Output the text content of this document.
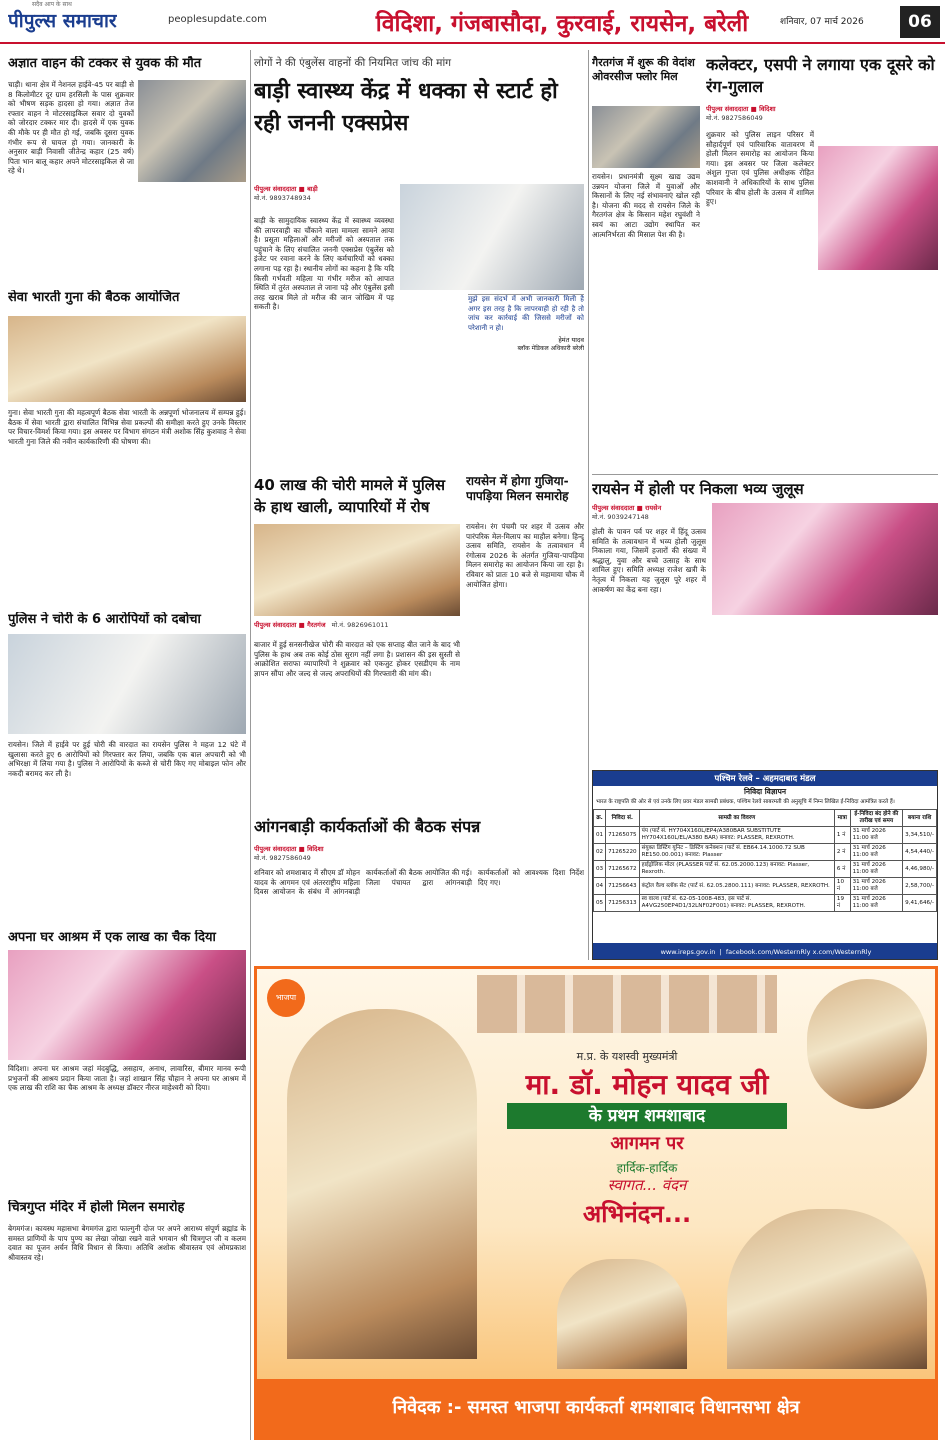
सदैव आप के साथ
पीपुल्स समाचार	peoplesupdate.com	विदिशा, गंजबासौदा, कुरवाई, रायसेन, बरेली	शनिवार, 07 मार्च 2026	06
अज्ञात वाहन की टक्कर से युवक की मौत
चाड़ी। थाना क्षेत्र में नेशनल हाईवे-45 पर बाड़ी से 8 किलोमीटर दूर ग्राम हरसिली के पास शुक्रवार को भीषण सड़क हादसा हो गया। अज्ञात तेज रफ्तार वाहन ने मोटरसाइकिल सवार दो युवकों को जोरदार टक्कर मार दी। हादसे में एक युवक की मौके पर ही मौत हो गई, जबकि दूसरा युवक गंभीर रूप से घायल हो गया। जानकारी के अनुसार बाड़ी निवासी जीतेन्द्र कहार (25 वर्ष) पिता भान बालू कहार अपने मोटरसाइकिल से जा रहे थे।
सेवा भारती गुना की बैठक आयोजित
गुना। सेवा भारती गुना की महत्वपूर्ण बैठक सेवा भारती के अन्नपूर्णा भोजनालय में सम्पन्न हुई। बैठक में सेवा भारती द्वारा संचालित विभिन्न सेवा प्रकल्पों की समीक्षा करते हुए उनके विस्तार पर विचार-विमर्श किया गया। इस अवसर पर विभाग संगठन मंत्री अशोक सिंह कुशवाह ने सेवा भारती गुना जिले की नवीन कार्यकारिणी की घोषणा की।
पुलिस ने चोरी के 6 आरोपियों को दबोचा
रायसेन। जिले में हाईवे पर हुई चोरी की वारदात का रायसेन पुलिस ने महज 12 घंटे में खुलासा करते हुए 6 आरोपियों को गिरफ्तार कर लिया, जबकि एक बाल अपचारी को भी अभिरक्षा में लिया गया है। पुलिस ने आरोपियों के कब्जे से चोरी किए गए मोबाइल फोन और नकदी बरामद कर ली है।
अपना घर आश्रम में एक लाख का चैक दिया
विदिशा। अपना घर आश्रम जहां मंदबुद्धि, असहाय, अनाथ, लावारिस, बीमार मानव रूपी प्रभुजनों की आश्रय प्रदान किया जाता है। जहां शाखान सिंह चौहान ने अपना घर आश्रम में एक लाख की राशि का चैक आश्रम के अध्यक्ष डॉक्टर नीरज माहेश्वरी को दिया।
चित्रगुप्त मंदिर में होली मिलन समारोह
बेगमगंज। कायस्थ महासभा बेगमगंज द्वारा फाल्गुनी दोज पर अपने आराध्य संपूर्ण ब्रह्मांड के समस्त प्राणियों के पाप पुण्य का लेखा जोखा रखने वाले भगवान श्री चित्रगुप्त जी व कलम दवात का पूजन अर्चन विधि विधान से किया। अतिथि अशोक श्रीवास्तव एवं ओमप्रकाश श्रीवास्तव रहे।
लोगों ने की एंबुलेंस वाहनों की नियमित जांच की मांग
बाड़ी स्वास्थ्य केंद्र में धक्का से स्टार्ट हो रही जननी एक्सप्रेस
पीपुल्स संवाददाता ■ बाड़ी
मो.नं. 9893748934
बाड़ी के सामुदायिक स्वास्थ्य केंद्र में स्वास्थ्य व्यवस्था की लापरवाही का चौंकाने वाला मामला सामने आया है। प्रसूता महिलाओं और मरीजों को अस्पताल तक पहुंचाने के लिए संचालित जननी एक्सप्रेस एंबुलेंस को इंजेट पर रवाना करने के लिए कर्मचारियों को धक्का लगाना पड़ रहा है। स्थानीय लोगों का कहना है कि यदि किसी गर्भवती महिला या गंभीर मरीज को आपात स्थिति में तुरंत अस्पताल ले जाना पड़े और एंबुलेंस इसी तरह खराब मिले तो मरीज की जान जोखिम में पड़ सकती है।
मुझे इस संदर्भ में अभी जानकारी मिली है अगर इस तरह है कि लापरवाही हो रही है तो जांच कर कार्रवाई की जिससे मरीजों को परेशानी न हो।
हेमंत यादव
ब्लॉक मेडिकल अधिकारी बरेली
40 लाख की चोरी मामले में पुलिस के हाथ खाली, व्यापारियों में रोष
पीपुल्स संवाददाता ■ गैरतगंज मो.नं. 9826961011
बाजार में हुई सनसनीखेज चोरी की वारदात को एक सप्ताह बीत जाने के बाद भी पुलिस के हाथ अब तक कोई ठोस सुराग नहीं लगा है। प्रशासन की इस सुस्ती से आक्रोशित सराफा व्यापारियों ने शुक्रवार को एकजुट होकर एसडीएम के नाम ज्ञापन सौंपा और जल्द से जल्द अपराधियों की गिरफ्तारी की मांग की।
रायसेन में होगा गुजिया-पापड़िया मिलन समारोह
रायसेन। रंग पंचमी पर शहर में उत्सव और पारंपरिक मेल-मिलाप का माहौल बनेगा। हिन्दू उत्सव समिति, रायसेन के तत्वावधान में रंगोत्सव 2026 के अंतर्गत गुजिया-पापड़िया मिलन समारोह का आयोजन किया जा रहा है। रविवार को प्रातः 10 बजे से महामाया चौक में आयोजित होगा।
आंगनबाड़ी कार्यकर्ताओं की बैठक संपन्न
पीपुल्स संवाददाता ■ विदिशा
मो.नं. 9827586049
शनिवार को शमशाबाद में सीएम डॉ मोहन यादव के आगमन एवं अंतरराष्ट्रीय महिला दिवस आयोजन के संबंध में आंगनबाड़ी कार्यकर्ताओं की बैठक आयोजित की गई। जिला पंचायत द्वारा आंगनबाड़ी कार्यकर्ताओं को आवश्यक दिशा निर्देश दिए गए।
गैरतगंज में शुरू की वेदांश ओवरसीज फ्लोर मिल
रायसेन। प्रधानमंत्री सूक्ष्म खाद्य उद्यम उन्नयन योजना जिले में युवाओं और किसानों के लिए नई संभावनाएं खोल रही है। योजना की मदद से रायसेन जिले के गैरतगंज क्षेत्र के किसान महेश रघुवंशी ने स्वयं का आटा उद्योग स्थापित कर आत्मनिर्भरता की मिसाल पेश की है।
कलेक्टर, एसपी ने लगाया एक दूसरे को रंग-गुलाल
पीपुल्स संवाददाता ■ विदिशा
मो.नं. 9827586049
शुक्रवार को पुलिस लाइन परिसर में सौहार्दपूर्ण एवं पारिवारिक वातावरण में होली मिलन समारोह का आयोजन किया गया। इस अवसर पर जिला कलेक्टर अंशुल गुप्ता एवं पुलिस अधीक्षक रोहित काशवानी ने अधिकारियों के साथ पुलिस परिवार के बीच होली के उत्सव में शामिल हुए।
रायसेन में होली पर निकला भव्य जुलूस
पीपुल्स संवाददाता ■ रायसेन
मो.नं. 9039247148
होली के पावन पर्व पर शहर में हिंदू उत्सव समिति के तत्वावधान में भव्य होली जुलूस निकाला गया, जिसमें हजारों की संख्या में श्रद्धालु, युवा और बच्चे उत्साह के साथ शामिल हुए। समिति अध्यक्ष राजेश खत्री के नेतृत्व में निकला यह जुलूस पूरे शहर में आकर्षण का केंद्र बना रहा।
पश्चिम रेलवे – अहमदाबाद मंडल
निविदा विज्ञापन
भारत के राष्ट्रपति की ओर से एवं उनके लिए प्रवर मंडल सामग्री प्रबंधक, पश्चिम रेलवे साबरमती की अनुसूचि में निम्न लिखित ई-निविदा आमंत्रित करते हैं।
क्र.	निविदा सं.	सामग्री का विवरण	मात्रा	ई-निविदा बंद होने की तारीख एवं समय	बयाना राशि
01	71265075	पंप (पार्ट सं. HY704X160L/EP4/A380BAR SUBSTITUTE HY704X160L/EL/A380 BAR) बनावट: PLASSER, REXROTH.	1 नं	31 मार्च 2026 11:00 बजे	3,34,510/-
02	71265220	संयुक्त डिस्टिंग यूनिट – डिस्टिंग कनेक्शन (पार्ट सं. EB64.14.1000.72 SUB RE150.00.001) बनावट: Plasser	2 नं	31 मार्च 2026 11:00 बजे	4,54,440/-
03	71265672	हाईड्रोलिक मोटर (PLASSER पार्ट सं. 62.05.2000.123) बनावट: Plasser, Rexroth.	6 नं	31 मार्च 2026 11:00 बजे	4,46,980/-
04	71256643	कंट्रोल वैल्व ब्लॉक सेट (पार्ट सं. 62.05.2800.111) बनावट: PLASSER, REXROTH.	10 नं	31 मार्च 2026 11:00 बजे	2,58,700/-
05	71256313	स्व वाल्व (पार्ट सं. 62-05-1008-483, इस पार्ट सं. A4VG250EP4D1/32LNF02F001) बनावट: PLASSER, REXROTH.	19 नं	31 मार्च 2026 11:00 बजे	9,41,646/-
www.ireps.gov.in  |  facebook.com/WesternRly x.com/WesternRly
भाजपा
म.प्र. के यशस्वी मुख्यमंत्री
मा. डॉ. मोहन यादव जी
के प्रथम शमशाबाद
आगमन पर
हार्दिक-हार्दिक
स्वागत... वंदन
अभिनंदन...
निवेदक :- समस्त भाजपा कार्यकर्ता शमशाबाद विधानसभा क्षेत्र
